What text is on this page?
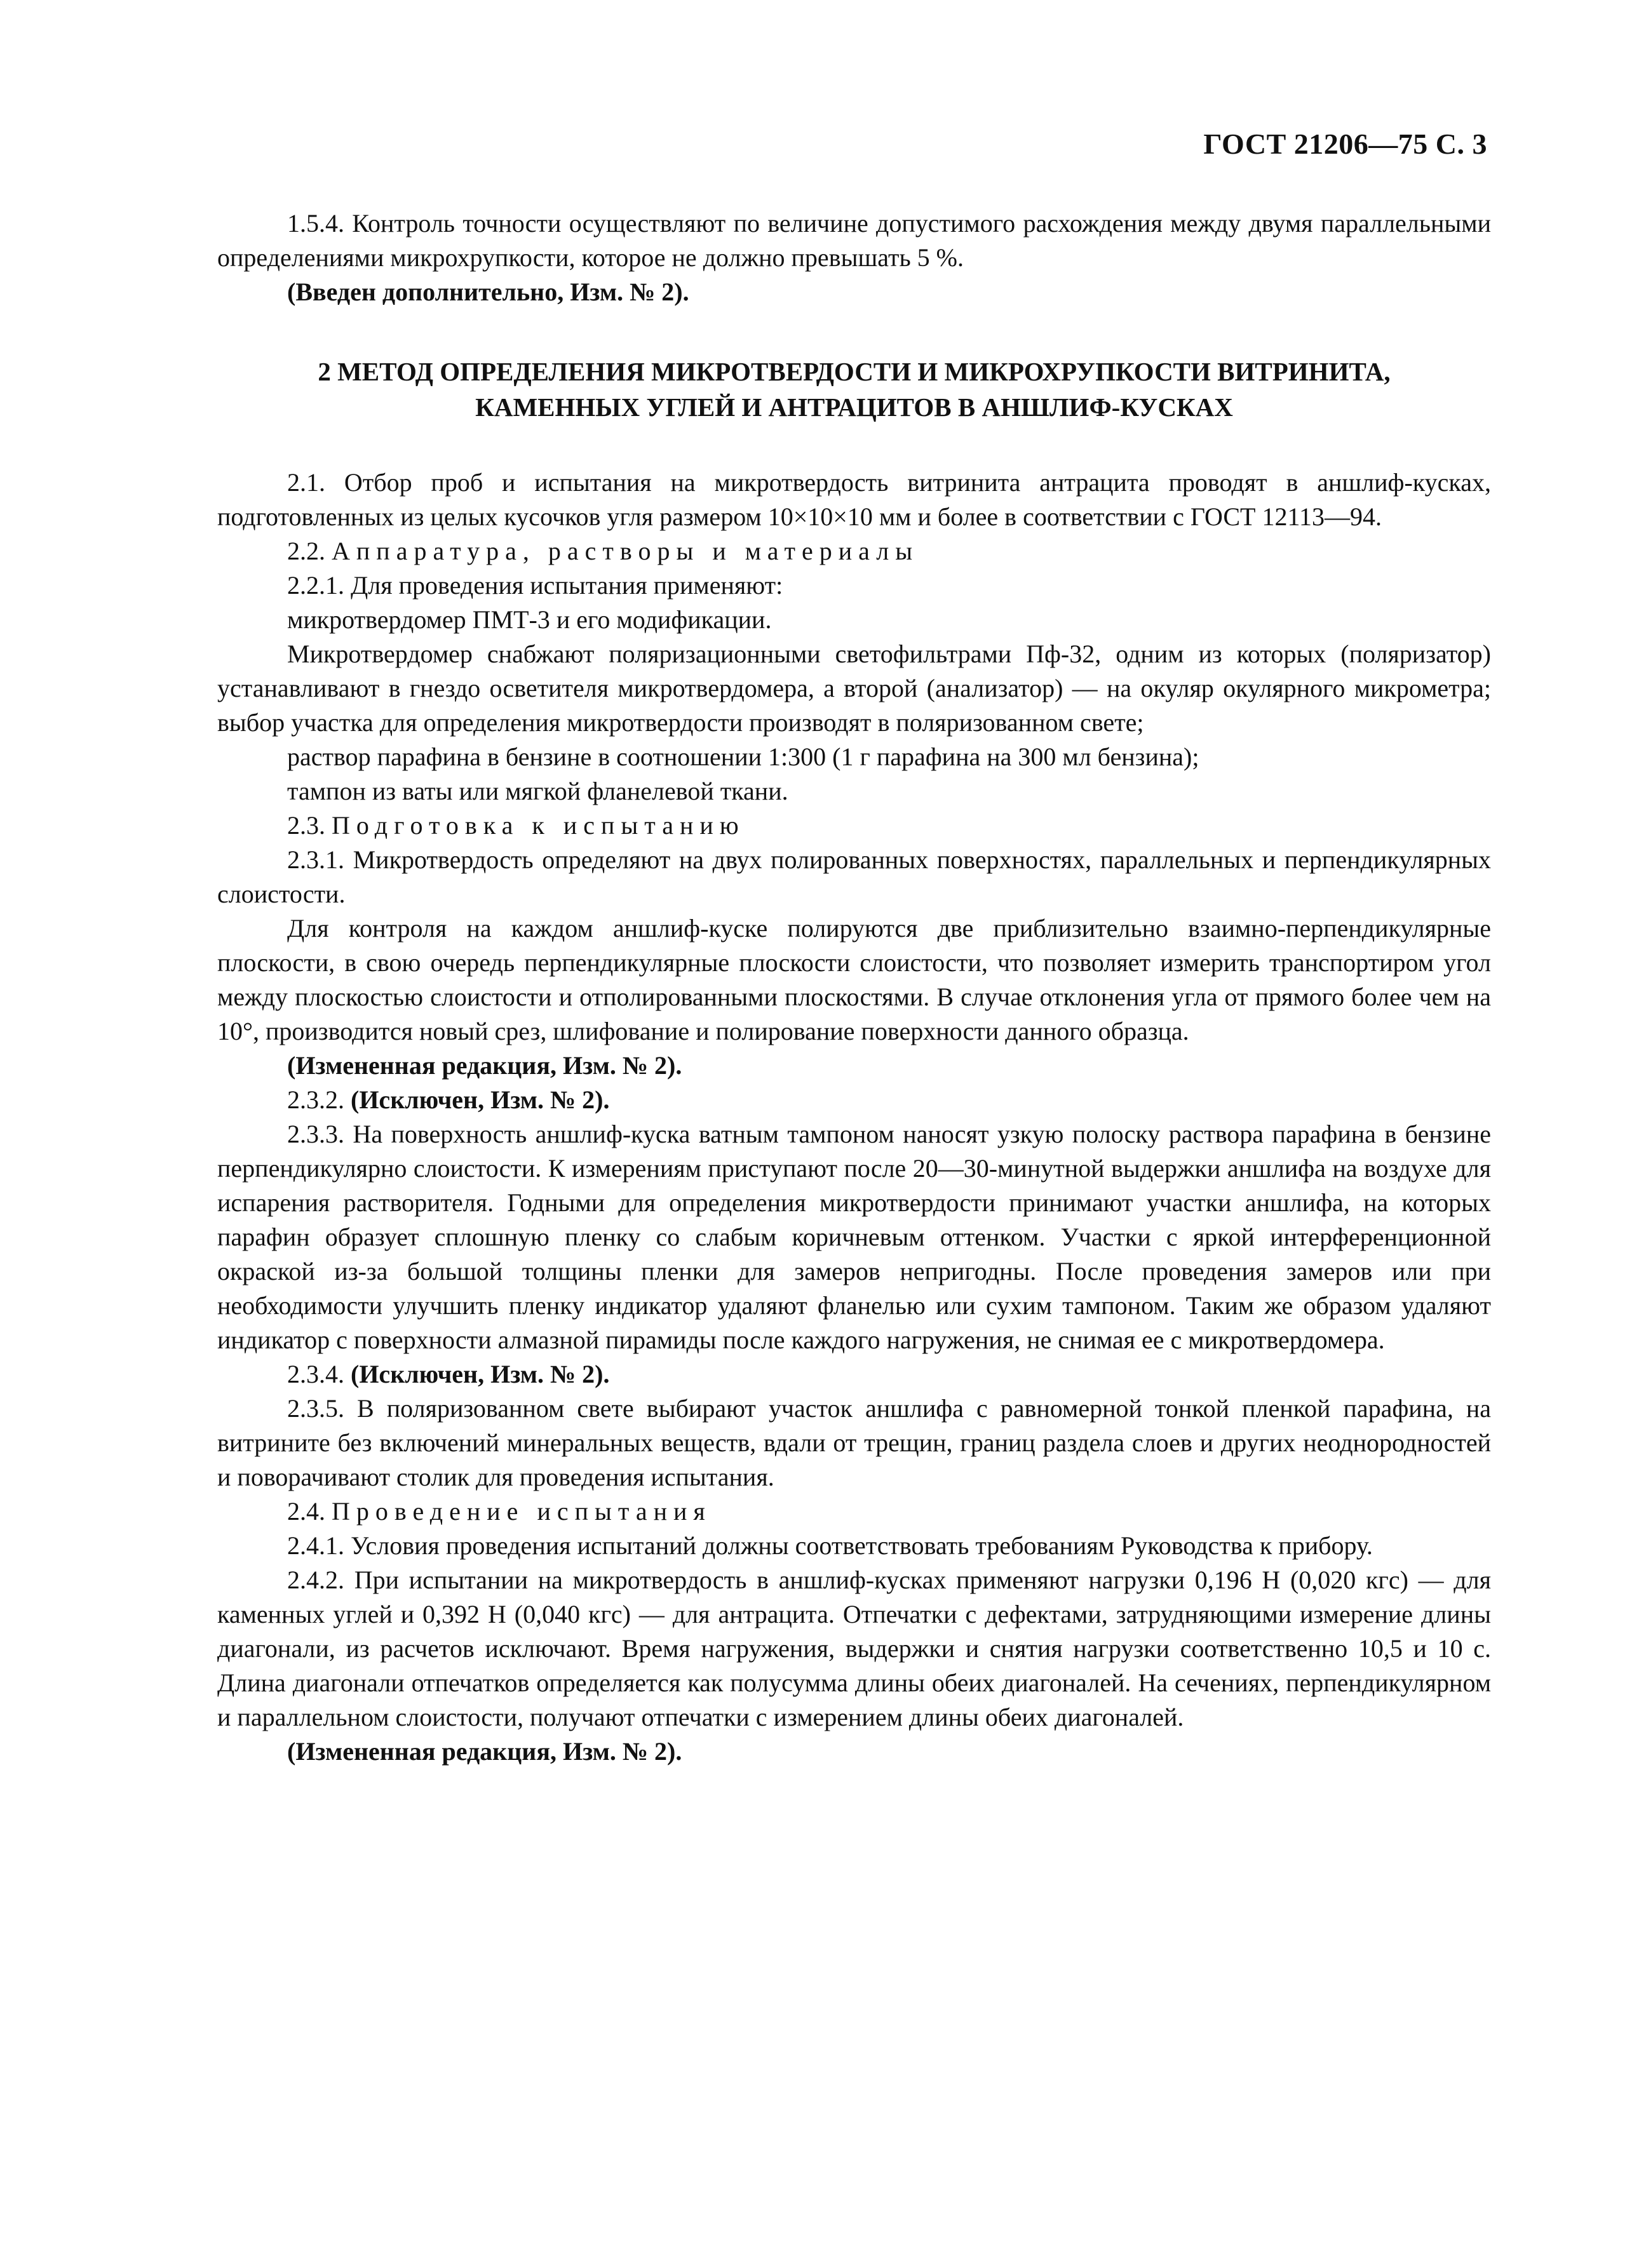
ГОСТ 21206—75 С. 3

1.5.4. Контроль точности осуществляют по величине допустимого расхождения между двумя параллельными определениями микрохрупкости, которое не должно превышать 5 %.

(Введен дополнительно, Изм. № 2).

2 МЕТОД ОПРЕДЕЛЕНИЯ МИКРОТВЕРДОСТИ И МИКРОХРУПКОСТИ ВИТРИНИТА,
КАМЕННЫХ УГЛЕЙ И АНТРАЦИТОВ В АНШЛИФ-КУСКАХ

2.1. Отбор проб и испытания на микротвердость витринита антрацита проводят в аншлиф-кусках, подготовленных из целых кусочков угля размером 10×10×10 мм и более в соответствии с ГОСТ 12113—94.

2.2. Аппаратура, растворы и материалы

2.2.1. Для проведения испытания применяют:

микротвердомер ПМТ-3 и его модификации.

Микротвердомер снабжают поляризационными светофильтрами Пф-32, одним из которых (поляризатор) устанавливают в гнездо осветителя микротвердомера, а второй (анализатор) — на окуляр окулярного микрометра; выбор участка для определения микротвердости производят в поляризованном свете;

раствор парафина в бензине в соотношении 1:300 (1 г парафина на 300 мл бензина);

тампон из ваты или мягкой фланелевой ткани.

2.3. Подготовка к испытанию

2.3.1. Микротвердость определяют на двух полированных поверхностях, параллельных и перпендикулярных слоистости.

Для контроля на каждом аншлиф-куске полируются две приблизительно взаимно-перпендикулярные плоскости, в свою очередь перпендикулярные плоскости слоистости, что позволяет измерить транспортиром угол между плоскостью слоистости и отполированными плоскостями. В случае отклонения угла от прямого более чем на 10°, производится новый срез, шлифование и полирование поверхности данного образца.

(Измененная редакция, Изм. № 2).

2.3.2. (Исключен, Изм. № 2).

2.3.3. На поверхность аншлиф-куска ватным тампоном наносят узкую полоску раствора парафина в бензине перпендикулярно слоистости. К измерениям приступают после 20—30-минутной выдержки аншлифа на воздухе для испарения растворителя. Годными для определения микротвердости принимают участки аншлифа, на которых парафин образует сплошную пленку со слабым коричневым оттенком. Участки с яркой интерференционной окраской из-за большой толщины пленки для замеров непригодны. После проведения замеров или при необходимости улучшить пленку индикатор удаляют фланелью или сухим тампоном. Таким же образом удаляют индикатор с поверхности алмазной пирамиды после каждого нагружения, не снимая ее с микротвердомера.

2.3.4. (Исключен, Изм. № 2).

2.3.5. В поляризованном свете выбирают участок аншлифа с равномерной тонкой пленкой парафина, на витрините без включений минеральных веществ, вдали от трещин, границ раздела слоев и других неоднородностей и поворачивают столик для проведения испытания.

2.4. Проведение испытания

2.4.1. Условия проведения испытаний должны соответствовать требованиям Руководства к прибору.

2.4.2. При испытании на микротвердость в аншлиф-кусках применяют нагрузки 0,196 Н (0,020 кгс) — для каменных углей и 0,392 Н (0,040 кгс) — для антрацита. Отпечатки с дефектами, затрудняющими измерение длины диагонали, из расчетов исключают. Время нагружения, выдержки и снятия нагрузки соответственно 10,5 и 10 с. Длина диагонали отпечатков определяется как полусумма длины обеих диагоналей. На сечениях, перпендикулярном и параллельном слоистости, получают отпечатки с измерением длины обеих диагоналей.

(Измененная редакция, Изм. № 2).
